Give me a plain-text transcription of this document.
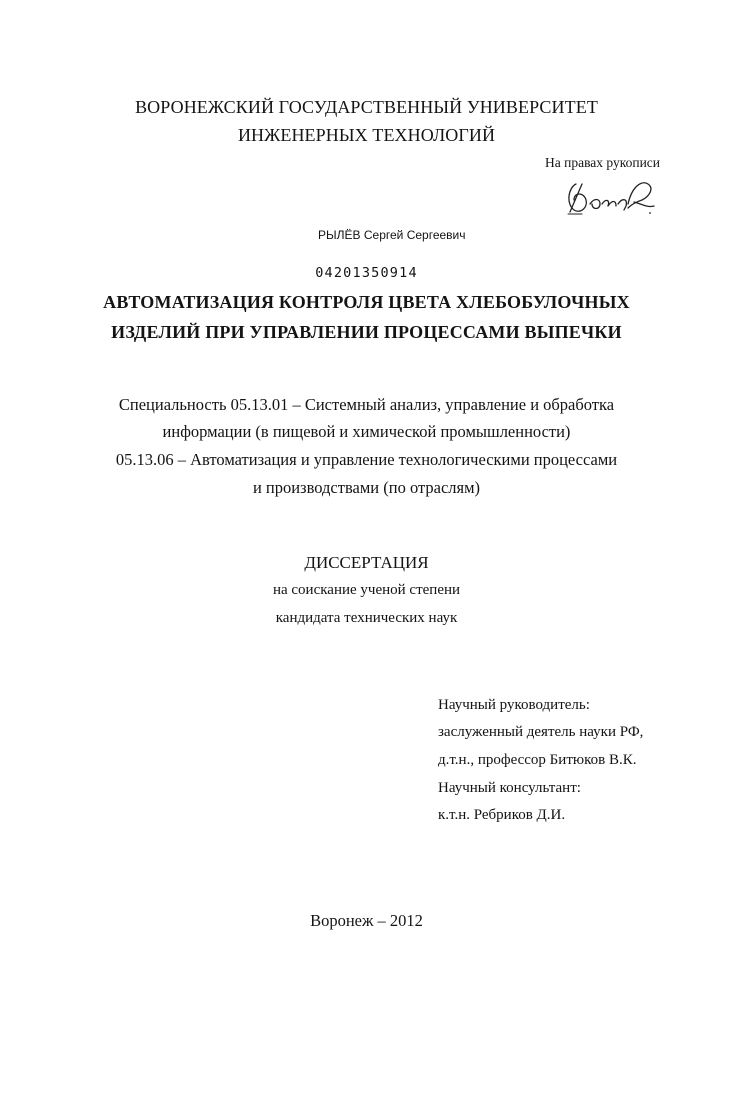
ВОРОНЕЖСКИЙ ГОСУДАРСТВЕННЫЙ УНИВЕРСИТЕТ
ИНЖЕНЕРНЫХ ТЕХНОЛОГИЙ
На правах рукописи
РЫЛЁВ Сергей Сергеевич
04201350914
АВТОМАТИЗАЦИЯ КОНТРОЛЯ ЦВЕТА ХЛЕБОБУЛОЧНЫХ
ИЗДЕЛИЙ ПРИ УПРАВЛЕНИИ ПРОЦЕССАМИ ВЫПЕЧКИ
Специальность 05.13.01 – Системный анализ, управление и обработка
информации (в пищевой и химической промышленности)
05.13.06 – Автоматизация и управление технологическими процессами
и производствами (по отраслям)
ДИССЕРТАЦИЯ
на соискание ученой степени
кандидата технических наук
Научный руководитель:
заслуженный деятель науки РФ,
д.т.н., профессор Битюков В.К.
Научный консультант:
к.т.н. Ребриков Д.И.
Воронеж – 2012
